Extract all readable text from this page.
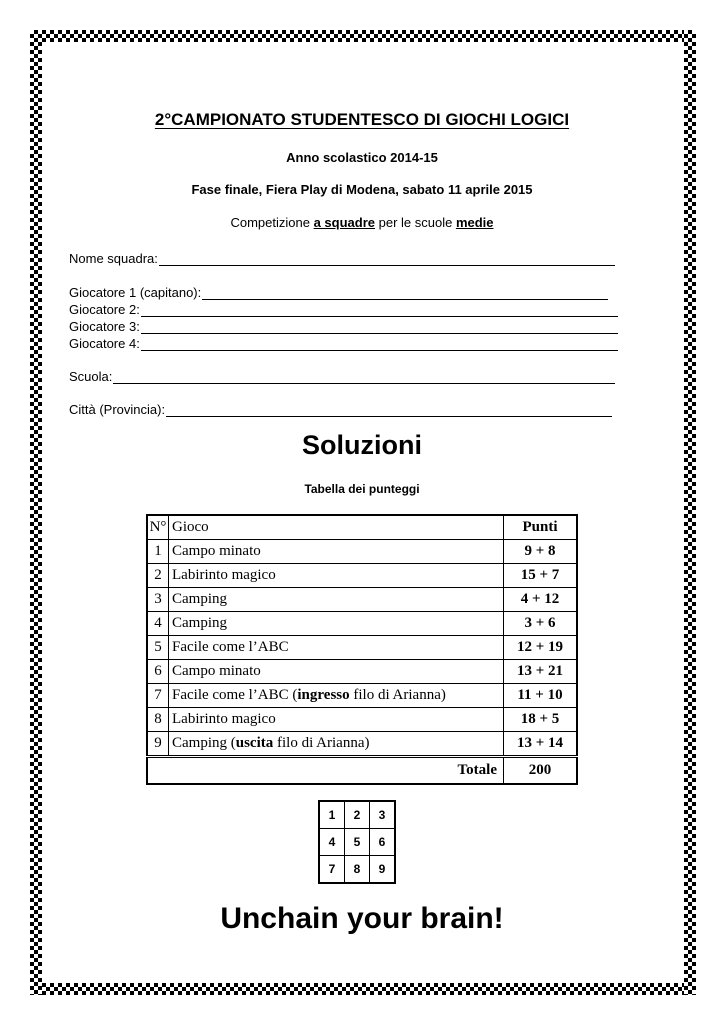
2°CAMPIONATO STUDENTESCO DI GIOCHI LOGICI
Anno scolastico 2014-15
Fase finale, Fiera Play di Modena, sabato 11 aprile 2015
Competizione a squadre per le scuole medie
Nome squadra:
Giocatore 1 (capitano):
Giocatore 2:
Giocatore 3:
Giocatore 4:
Scuola:
Città (Provincia):
Soluzioni
Tabella dei punteggi
N°	Gioco	Punti
1	Campo minato	9 + 8
2	Labirinto magico	15 + 7
3	Camping	4 + 12
4	Camping	3 + 6
5	Facile come l’ABC	12 + 19
6	Campo minato	13 + 21
7	Facile come l’ABC (ingresso filo di Arianna)	11 + 10
8	Labirinto magico	18 + 5
9	Camping (uscita filo di Arianna)	13 + 14
Totale		200
1	2	3
4	5	6
7	8	9
Unchain your brain!
